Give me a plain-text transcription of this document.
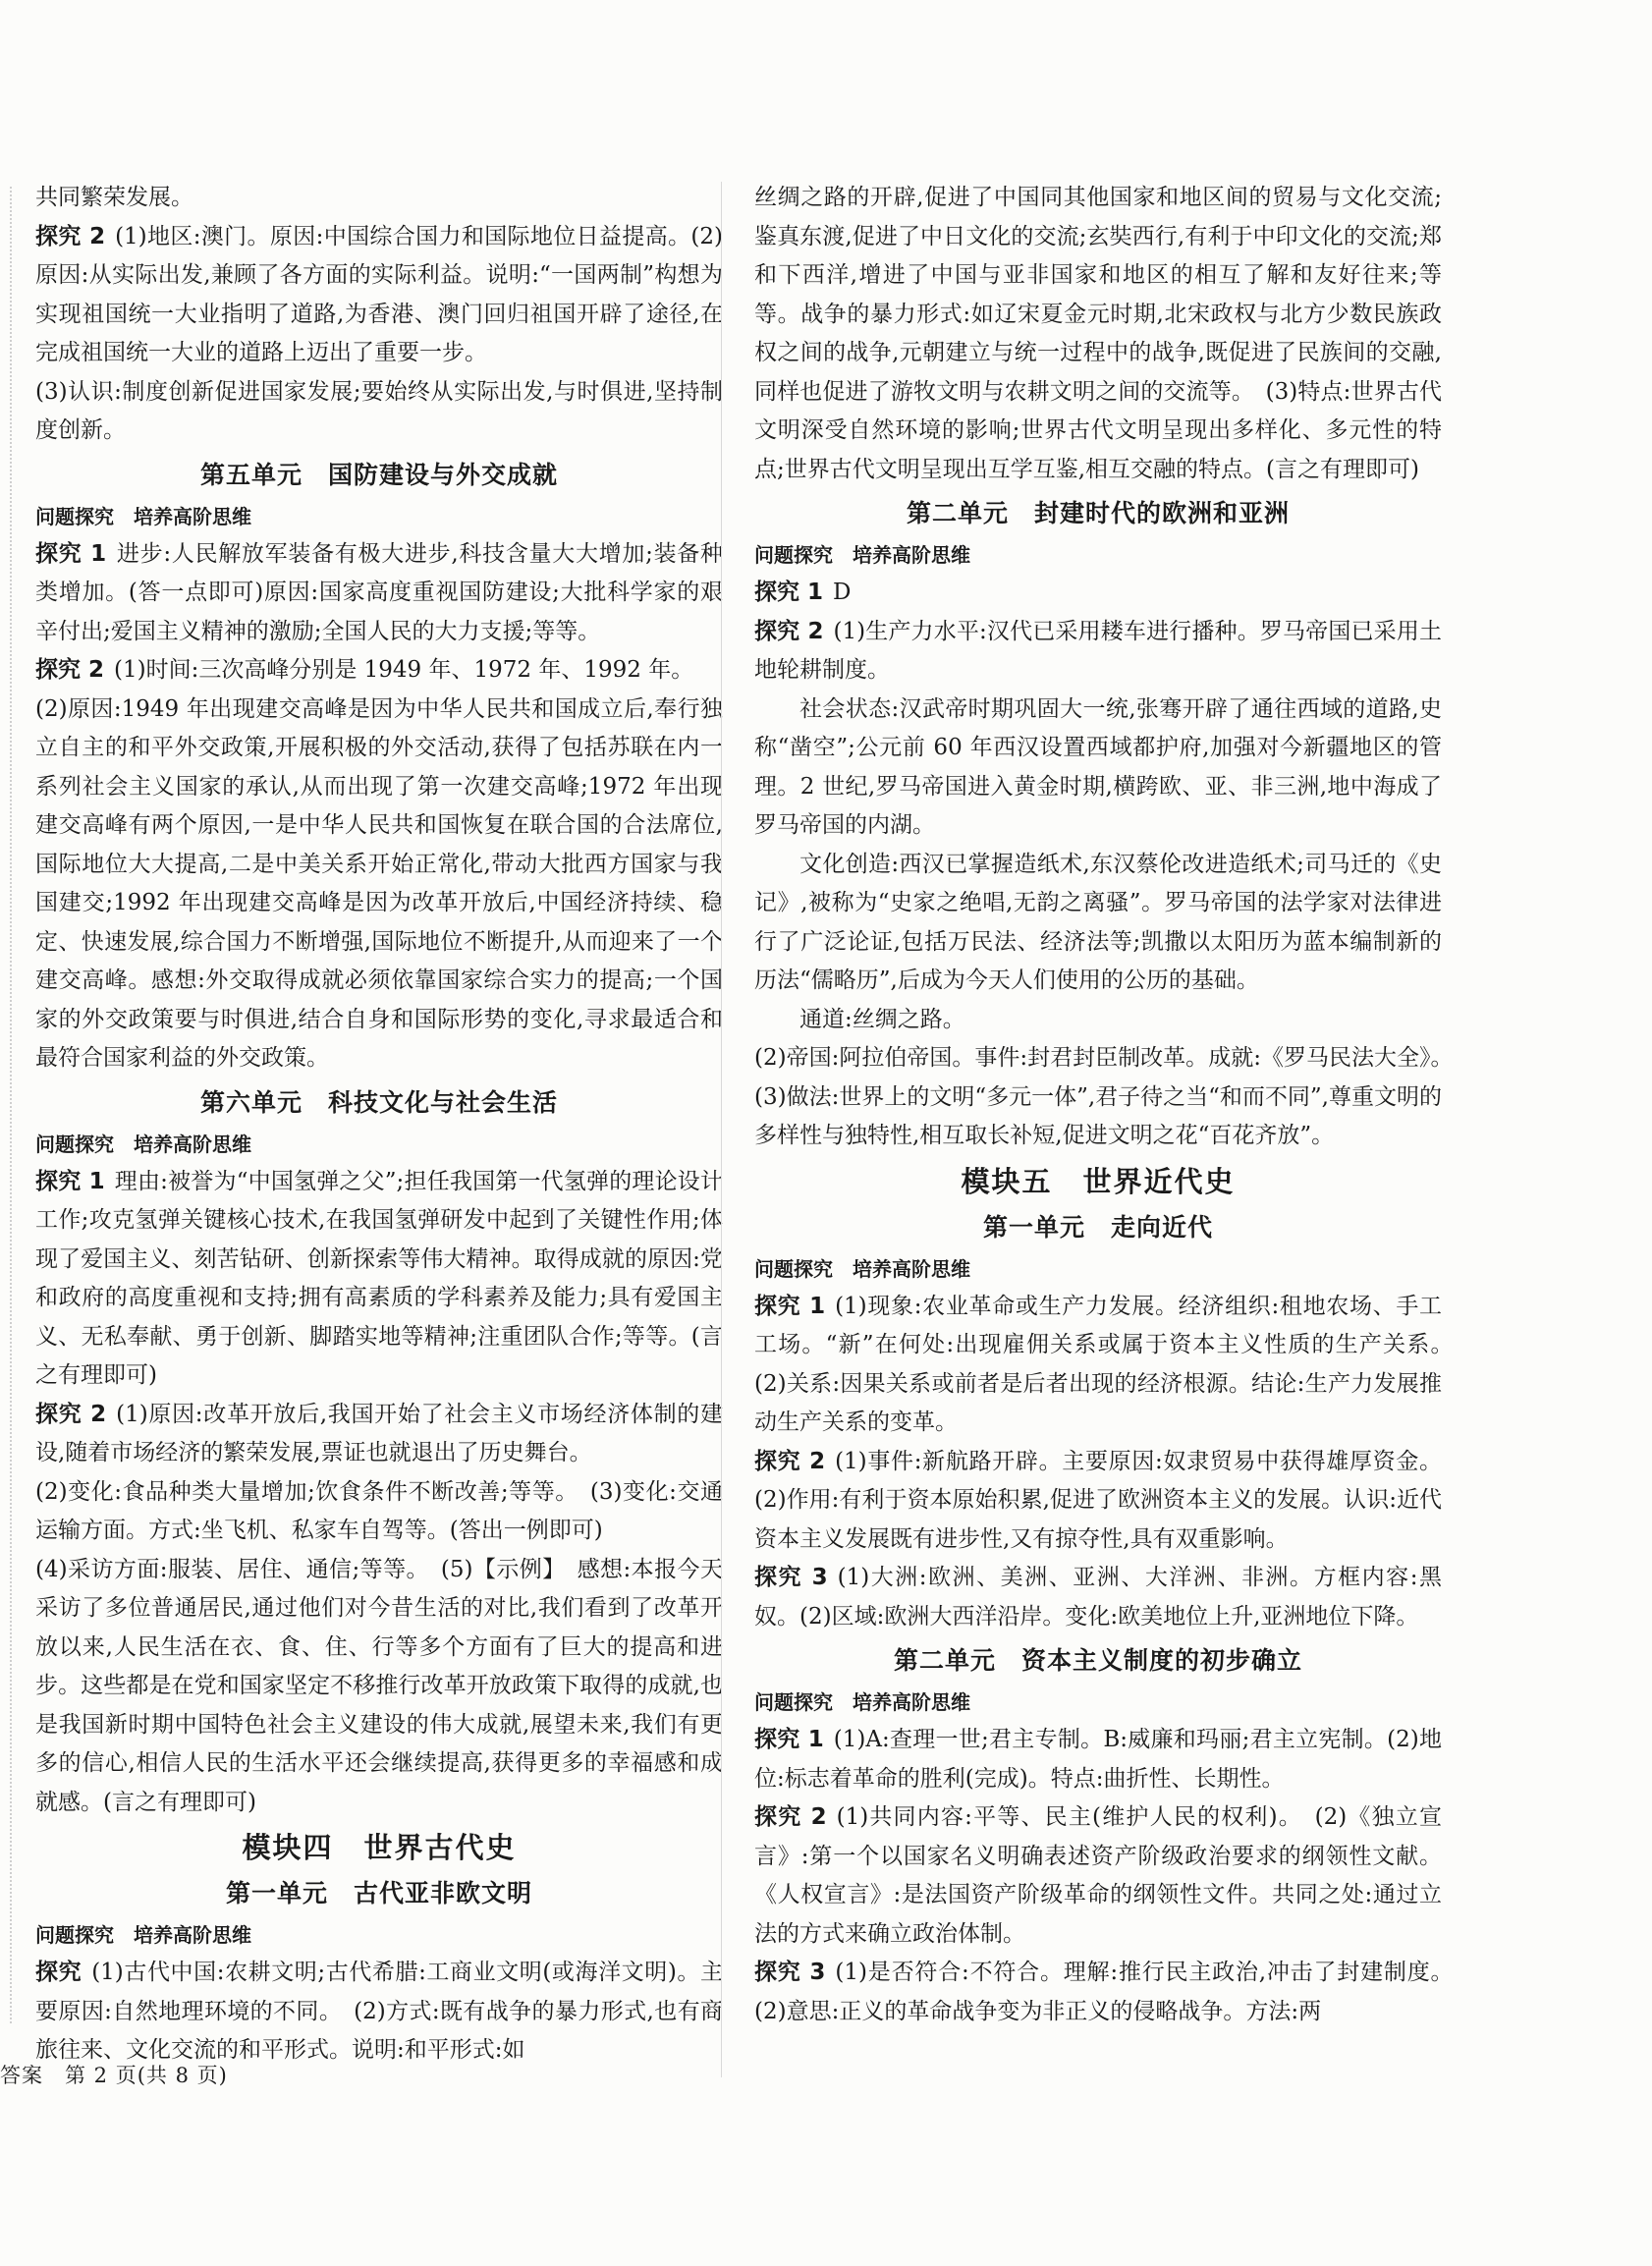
共同繁荣发展。
探究 2 (1)地区:澳门。原因:中国综合国力和国际地位日益提高。(2)原因:从实际出发,兼顾了各方面的实际利益。说明:“一国两制”构想为实现祖国统一大业指明了道路,为香港、澳门回归祖国开辟了途径,在完成祖国统一大业的道路上迈出了重要一步。
(3)认识:制度创新促进国家发展;要始终从实际出发,与时俱进,坚持制度创新。
第五单元　国防建设与外交成就
问题探究　培养高阶思维
探究 1 进步:人民解放军装备有极大进步,科技含量大大增加;装备种类增加。(答一点即可)原因:国家高度重视国防建设;大批科学家的艰辛付出;爱国主义精神的激励;全国人民的大力支援;等等。
探究 2 (1)时间:三次高峰分别是 1949 年、1972 年、1992 年。
(2)原因:1949 年出现建交高峰是因为中华人民共和国成立后,奉行独立自主的和平外交政策,开展积极的外交活动,获得了包括苏联在内一系列社会主义国家的承认,从而出现了第一次建交高峰;1972 年出现建交高峰有两个原因,一是中华人民共和国恢复在联合国的合法席位,国际地位大大提高,二是中美关系开始正常化,带动大批西方国家与我国建交;1992 年出现建交高峰是因为改革开放后,中国经济持续、稳定、快速发展,综合国力不断增强,国际地位不断提升,从而迎来了一个建交高峰。感想:外交取得成就必须依靠国家综合实力的提高;一个国家的外交政策要与时俱进,结合自身和国际形势的变化,寻求最适合和最符合国家利益的外交政策。
第六单元　科技文化与社会生活
问题探究　培养高阶思维
探究 1 理由:被誉为“中国氢弹之父”;担任我国第一代氢弹的理论设计工作;攻克氢弹关键核心技术,在我国氢弹研发中起到了关键性作用;体现了爱国主义、刻苦钻研、创新探索等伟大精神。取得成就的原因:党和政府的高度重视和支持;拥有高素质的学科素养及能力;具有爱国主义、无私奉献、勇于创新、脚踏实地等精神;注重团队合作;等等。(言之有理即可)
探究 2 (1)原因:改革开放后,我国开始了社会主义市场经济体制的建设,随着市场经济的繁荣发展,票证也就退出了历史舞台。
(2)变化:食品种类大量增加;饮食条件不断改善;等等。　(3)变化:交通运输方面。方式:坐飞机、私家车自驾等。(答出一例即可)
(4)采访方面:服装、居住、通信;等等。　(5)【示例】　感想:本报今天采访了多位普通居民,通过他们对今昔生活的对比,我们看到了改革开放以来,人民生活在衣、食、住、行等多个方面有了巨大的提高和进步。这些都是在党和国家坚定不移推行改革开放政策下取得的成就,也是我国新时期中国特色社会主义建设的伟大成就,展望未来,我们有更多的信心,相信人民的生活水平还会继续提高,获得更多的幸福感和成就感。(言之有理即可)
模块四　世界古代史
第一单元　古代亚非欧文明
问题探究　培养高阶思维
探究 (1)古代中国:农耕文明;古代希腊:工商业文明(或海洋文明)。主要原因:自然地理环境的不同。　(2)方式:既有战争的暴力形式,也有商旅往来、文化交流的和平形式。说明:和平形式:如
丝绸之路的开辟,促进了中国同其他国家和地区间的贸易与文化交流;鉴真东渡,促进了中日文化的交流;玄奘西行,有利于中印文化的交流;郑和下西洋,增进了中国与亚非国家和地区的相互了解和友好往来;等等。战争的暴力形式:如辽宋夏金元时期,北宋政权与北方少数民族政权之间的战争,元朝建立与统一过程中的战争,既促进了民族间的交融,同样也促进了游牧文明与农耕文明之间的交流等。　(3)特点:世界古代文明深受自然环境的影响;世界古代文明呈现出多样化、多元性的特点;世界古代文明呈现出互学互鉴,相互交融的特点。(言之有理即可)
第二单元　封建时代的欧洲和亚洲
问题探究　培养高阶思维
探究 1 D
探究 2 (1)生产力水平:汉代已采用耧车进行播种。罗马帝国已采用土地轮耕制度。
社会状态:汉武帝时期巩固大一统,张骞开辟了通往西域的道路,史称“凿空”;公元前 60 年西汉设置西域都护府,加强对今新疆地区的管理。2 世纪,罗马帝国进入黄金时期,横跨欧、亚、非三洲,地中海成了罗马帝国的内湖。
文化创造:西汉已掌握造纸术,东汉蔡伦改进造纸术;司马迁的《史记》,被称为“史家之绝唱,无韵之离骚”。罗马帝国的法学家对法律进行了广泛论证,包括万民法、经济法等;凯撒以太阳历为蓝本编制新的历法“儒略历”,后成为今天人们使用的公历的基础。
通道:丝绸之路。
(2)帝国:阿拉伯帝国。事件:封君封臣制改革。成就:《罗马民法大全》。　(3)做法:世界上的文明“多元一体”,君子待之当“和而不同”,尊重文明的多样性与独特性,相互取长补短,促进文明之花“百花齐放”。
模块五　世界近代史
第一单元　走向近代
问题探究　培养高阶思维
探究 1 (1)现象:农业革命或生产力发展。经济组织:租地农场、手工工场。“新”在何处:出现雇佣关系或属于资本主义性质的生产关系。　(2)关系:因果关系或前者是后者出现的经济根源。结论:生产力发展推动生产关系的变革。
探究 2 (1)事件:新航路开辟。主要原因:奴隶贸易中获得雄厚资金。(2)作用:有利于资本原始积累,促进了欧洲资本主义的发展。认识:近代资本主义发展既有进步性,又有掠夺性,具有双重影响。
探究 3 (1)大洲:欧洲、美洲、亚洲、大洋洲、非洲。方框内容:黑奴。(2)区域:欧洲大西洋沿岸。变化:欧美地位上升,亚洲地位下降。
第二单元　资本主义制度的初步确立
问题探究　培养高阶思维
探究 1 (1)A:查理一世;君主专制。B:威廉和玛丽;君主立宪制。(2)地位:标志着革命的胜利(完成)。特点:曲折性、长期性。
探究 2 (1)共同内容:平等、民主(维护人民的权利)。　(2)《独立宣言》:第一个以国家名义明确表述资产阶级政治要求的纲领性文献。《人权宣言》:是法国资产阶级革命的纲领性文件。共同之处:通过立法的方式来确立政治体制。
探究 3 (1)是否符合:不符合。理解:推行民主政治,冲击了封建制度。　(2)意思:正义的革命战争变为非正义的侵略战争。方法:两
答案　第 2 页(共 8 页)
